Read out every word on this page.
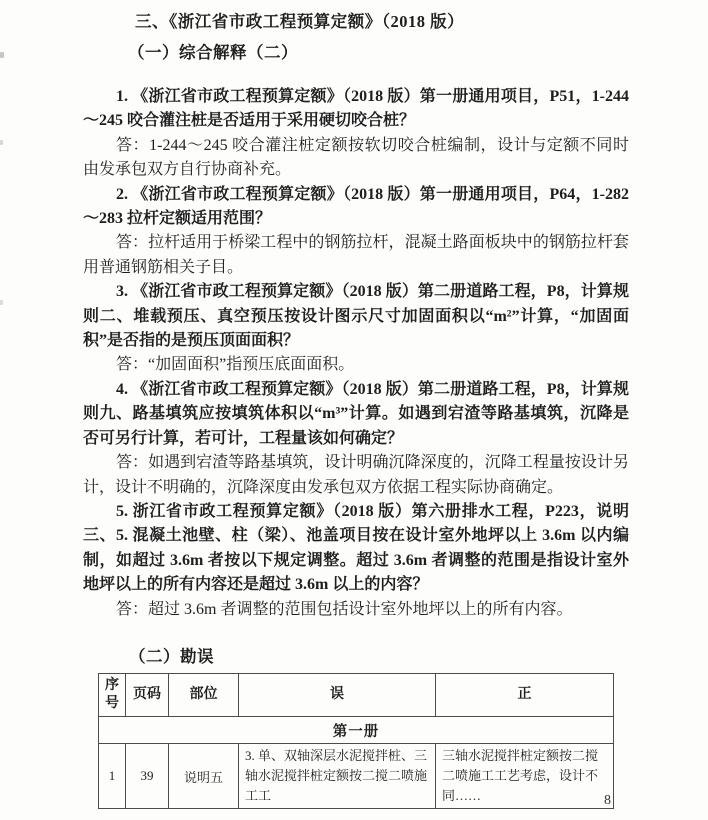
三、《浙江省市政工程预算定额》（2018 版）
（一）综合解释（二）

1. 《浙江省市政工程预算定额》（2018 版）第一册通用项目，P51，1-244～245 咬合灌注桩是否适用于采用硬切咬合桩？

答：1-244～245 咬合灌注桩定额按软切咬合桩编制，设计与定额不同时由发承包双方自行协商补充。

2. 《浙江省市政工程预算定额》（2018 版）第一册通用项目，P64，1-282～283 拉杆定额适用范围？

答：拉杆适用于桥梁工程中的钢筋拉杆，混凝土路面板块中的钢筋拉杆套用普通钢筋相关子目。

3. 《浙江省市政工程预算定额》（2018 版）第二册道路工程，P8，计算规则二、堆载预压、真空预压按设计图示尺寸加固面积以“m²”计算，“加固面积”是否指的是预压顶面面积？

答：“加固面积”指预压底面面积。

4. 《浙江省市政工程预算定额》（2018 版）第二册道路工程，P8，计算规则九、路基填筑应按填筑体积以“m³”计算。如遇到宕渣等路基填筑，沉降是否可另行计算，若可计，工程量该如何确定？

答：如遇到宕渣等路基填筑，设计明确沉降深度的，沉降工程量按设计另计，设计不明确的，沉降深度由发承包双方依据工程实际协商确定。

5. 浙江省市政工程预算定额》（2018 版）第六册排水工程，P223，说明三、5. 混凝土池壁、柱（梁）、池盖项目按在设计室外地坪以上 3.6m 以内编制，如超过 3.6m 者按以下规定调整。超过 3.6m 者调整的范围是指设计室外地坪以上的所有内容还是超过 3.6m 以上的内容？

答：超过 3.6m 者调整的范围包括设计室外地坪以上的所有内容。

（二）勘误
序号	页码	部位	误	正
第一册				
1	39	说明五	3. 单、双轴深层水泥搅拌桩、三轴水泥搅拌桩定额按二搅二喷施工工	三轴水泥搅拌桩定额按二搅二喷施工工艺考虑，设计不同……	8
